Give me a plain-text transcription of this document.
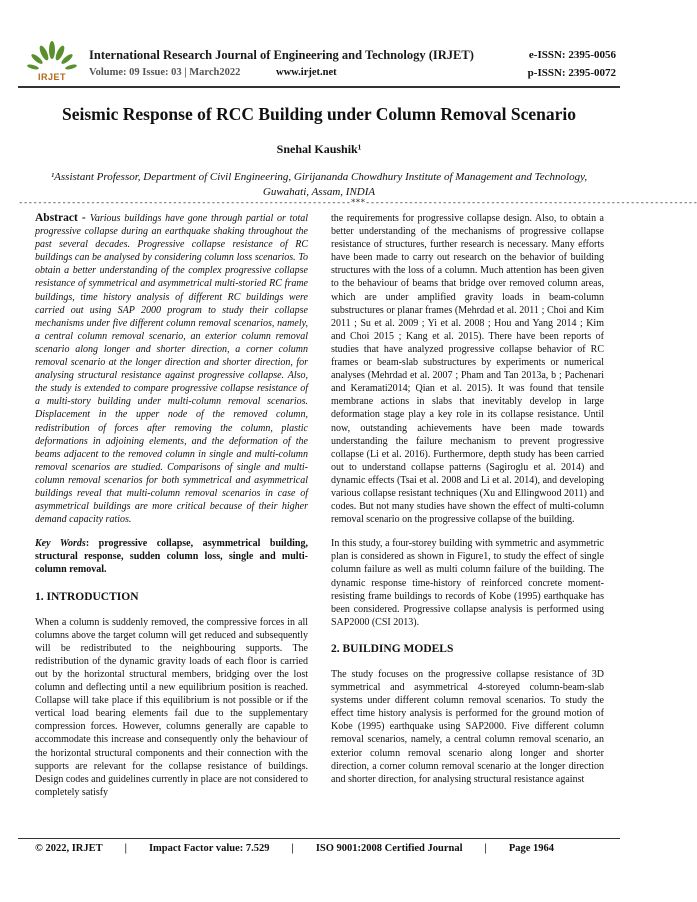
IRJET
International Research Journal of Engineering and Technology (IRJET)	e-ISSN: 2395-0056
Volume: 09 Issue: 03 | March2022	www.irjet.net	p-ISSN: 2395-0072
Seismic Response of RCC Building under Column Removal Scenario
Snehal Kaushik¹
¹Assistant Professor, Department of Civil Engineering, Girijananda Chowdhury Institute of Management and Technology, Guwahati, Assam, INDIA
---------------------------------------------------------------------***---------------------------------------------------------------------

Abstract - Various buildings have gone through partial or total progressive collapse during an earthquake shaking throughout the past several decades. Progressive collapse resistance of RC buildings can be analysed by considering column loss scenarios. To obtain a better understanding of the complex progressive collapse resistance of symmetrical and asymmetrical multi-storied RC frame buildings, time history analysis of different RC buildings were carried out using SAP 2000 program to study their collapse mechanisms under five different column removal scenarios, namely, a central column removal scenario, an exterior column removal scenario along longer and shorter direction, a corner column removal scenario at the longer direction and shorter direction, for analysing structural resistance against progressive collapse. Also, the study is extended to compare progressive collapse resistance of a multi-story building under multi-column removal scenarios. Displacement in the upper node of the removed column, redistribution of forces after removing the column, plastic deformations in adjoining elements, and the deformation of the beams adjacent to the removed column in single and multi-column removal scenarios are studied. Comparisons of single and multi-column removal scenarios for both symmetrical and asymmetrical buildings reveal that multi-column removal scenarios in case of asymmetrical buildings are more critical because of their higher demand capacity ratios.

Key Words: progressive collapse, asymmetrical building, structural response, sudden column loss, single and multi-column removal.

1. INTRODUCTION

When a column is suddenly removed, the compressive forces in all columns above the target column will get reduced and subsequently will be redistributed to the neighbouring supports. The redistribution of the dynamic gravity loads of each floor is carried out by the horizontal structural members, bridging over the lost column and deflecting until a new equilibrium position is reached. Collapse will take place if this equilibrium is not possible or if the vertical load bearing elements fail due to the supplementary compression forces. However, columns generally are capable to accommodate this increase and consequently only the behaviour of the horizontal structural components and their connection with the supports are relevant for the collapse resistance of buildings. Design codes and guidelines currently in place are not considered to completely satisfy

the requirements for progressive collapse design. Also, to obtain a better understanding of the mechanisms of progressive collapse resistance of structures, further research is necessary. Many efforts have been made to carry out research on the behavior of building structures with the loss of a column. Much attention has been given to the behaviour of beams that bridge over removed column areas, which are under amplified gravity loads in beam-column substructures or planar frames (Mehrdad et al. 2011 ; Choi and Kim 2011 ; Su et al. 2009 ; Yi et al. 2008 ; Hou and Yang 2014 ; Kim and Choi 2015 ; Kang et al. 2015). There have been reports of studies that have analyzed progressive collapse behavior of RC frames or beam-slab substructures by experiments or numerical analyses (Mehrdad et al. 2007 ; Pham and Tan 2013a, b ; Pachenari and Keramati2014; Qian et al. 2015). It was found that tensile membrane actions in slabs that inevitably develop in large deformation stage play a key role in its collapse resistance. Until now, outstanding achievements have been made towards understanding the failure mechanism to prevent progressive collapse (Li et al. 2016). Furthermore, depth study has been carried out to understand collapse patterns (Sagiroglu et al. 2014) and dynamic effects (Tsai et al. 2008 and Li et al. 2014), and developing various collapse resistant techniques (Xu and Ellingwood 2011) and codes. But not many studies have shown the effect of multi-column removal scenario on the progressive collapse of the building.

In this study, a four-storey building with symmetric and asymmetric plan is considered as shown in Figure1, to study the effect of single column failure as well as multi column failure of the building. The dynamic response time-history of reinforced concrete moment-resisting frame buildings to records of Kobe (1995) earthquake has been considered. Progressive collapse analysis is performed using SAP2000 (CSI 2013).

2. BUILDING MODELS

The study focuses on the progressive collapse resistance of 3D symmetrical and asymmetrical 4-storeyed column-beam-slab systems under different column removal scenarios. To study the effect time history analysis is performed for the ground motion of Kobe (1995) earthquake using SAP2000. Five different column removal scenarios, namely, a central column removal scenario, an exterior column removal scenario along longer and shorter direction, a corner column removal scenario at the longer direction and shorter direction, for analysing structural resistance against

© 2022, IRJET | Impact Factor value: 7.529 | ISO 9001:2008 Certified Journal | Page 1964
